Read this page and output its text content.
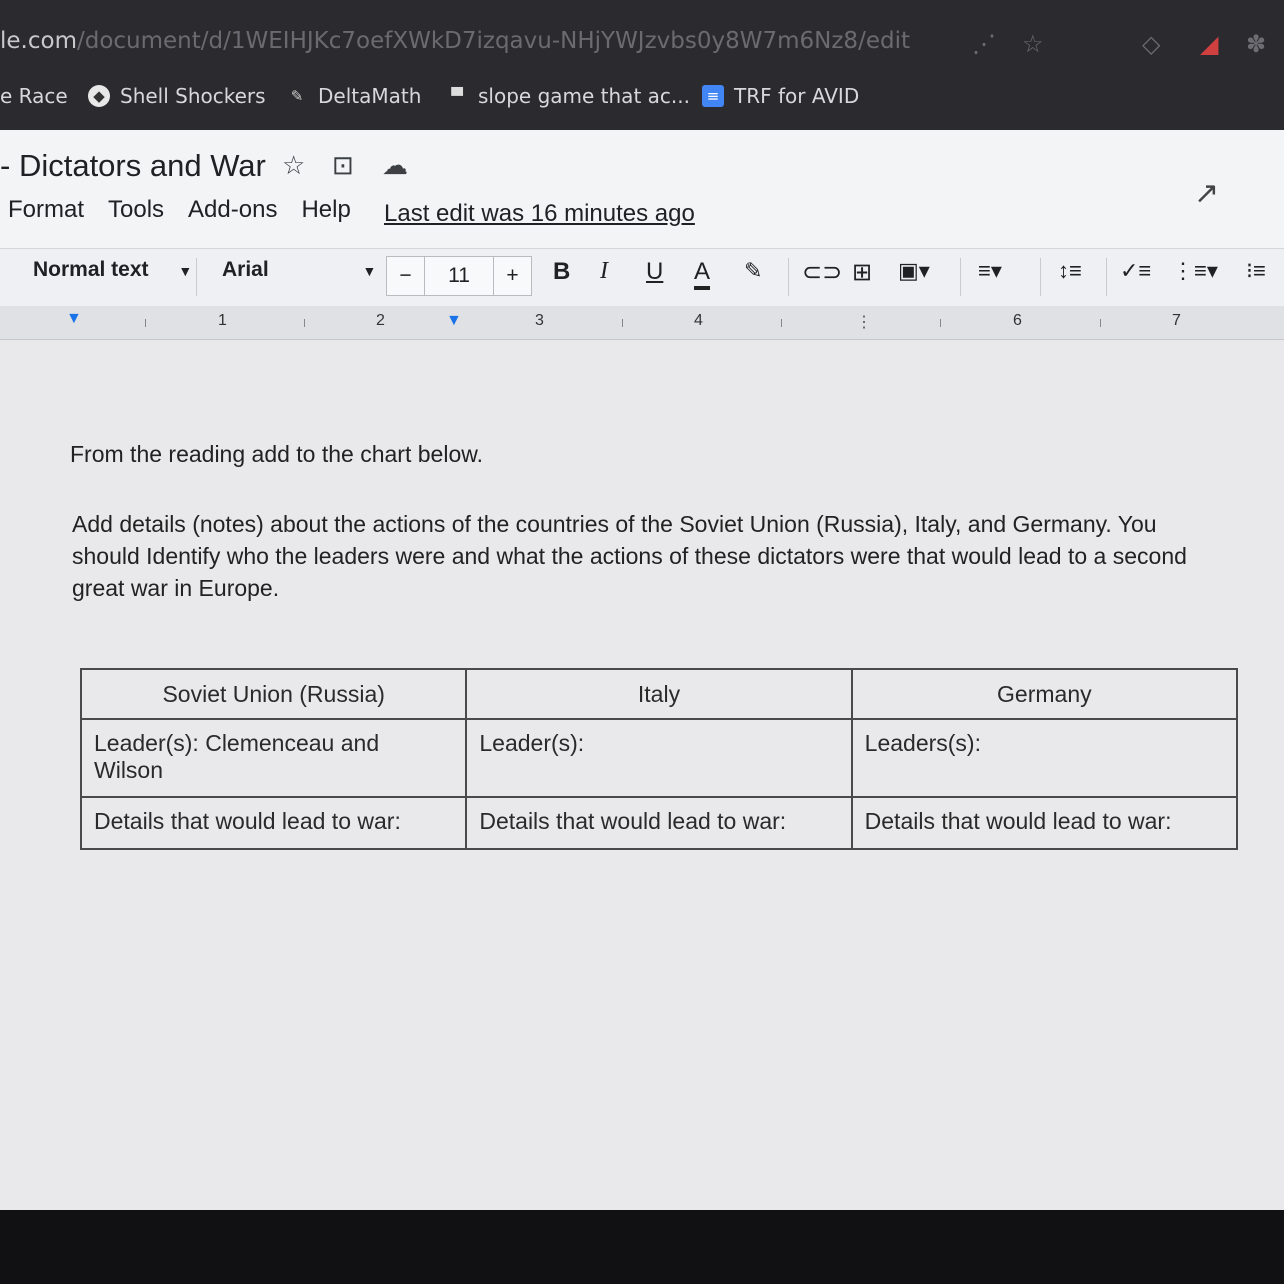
le.com/document/d/1WEIHJKc7oefXWkD7izqavu-NHjYWJzvbs0y8W7m6Nz8/edit	⋰ ☆	◇ ◢ ✽
e Race	◆ Shell Shockers	✎ DeltaMath	▀ slope game that ac...	≡ TRF for AVID
- Dictators and War ☆ ⊡ ☁
Format Tools Add-ons Help Last edit was 16 minutes ago
↗
Normal text ▼ Arial	▼	−	11	+	B I U A ✎ ⊂⊃ ⊞ ▣▾ ≡▾	↕≡ ✓≡ ⋮≡▾ ⁝≡
▼	▼
1	2	3	4	6	7
⋮
From the reading add to the chart below.
Add details (notes) about the actions of the countries of the Soviet Union (Russia), Italy, and Germany. You should Identify who the leaders were and what the actions of these dictators were that would lead to a second great war in Europe.
Soviet Union (Russia)	Italy	Germany
Leader(s): Clemenceau and Wilson	Leader(s):	Leaders(s):
Details that would lead to war:	Details that would lead to war:	Details that would lead to war:
